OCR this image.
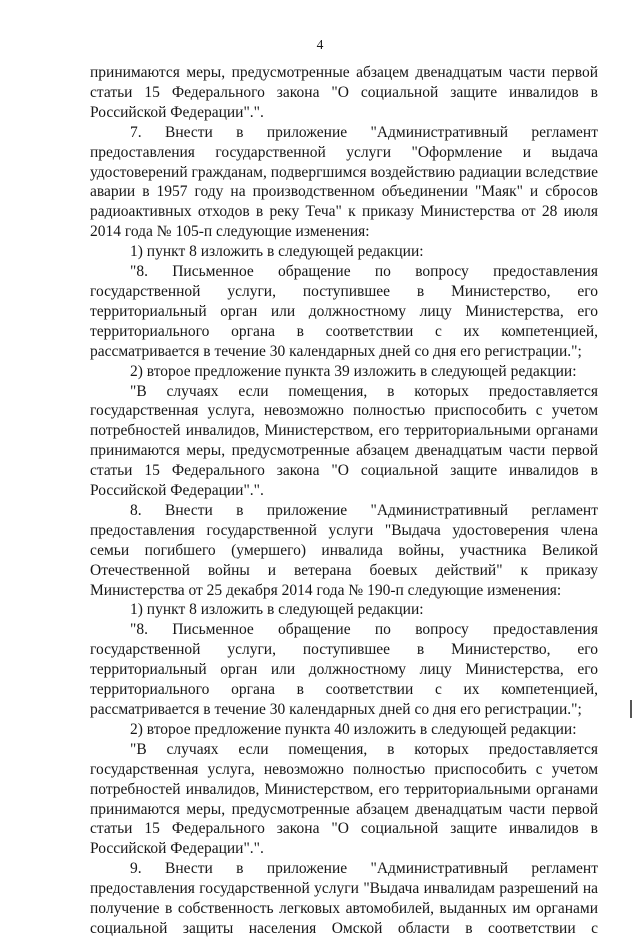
4

принимаются меры, предусмотренные абзацем двенадцатым части первой статьи 15 Федерального закона "О социальной защите инвалидов в Российской Федерации".".

7. Внести в приложение "Административный регламент предоставления государственной услуги "Оформление и выдача удостоверений гражданам, подвергшимся воздействию радиации вследствие аварии в 1957 году на производственном объединении "Маяк" и сбросов радиоактивных отходов в реку Теча" к приказу Министерства от 28 июля 2014 года № 105-п следующие изменения:

1) пункт 8 изложить в следующей редакции:

"8. Письменное обращение по вопросу предоставления государственной услуги, поступившее в Министерство, его территориальный орган или должностному лицу Министерства, его территориального органа в соответствии с их компетенцией, рассматривается в течение 30 календарных дней со дня его регистрации.";

2) второе предложение пункта 39 изложить в следующей редакции:

"В случаях если помещения, в которых предоставляется государственная услуга, невозможно полностью приспособить с учетом потребностей инвалидов, Министерством, его территориальными органами принимаются меры, предусмотренные абзацем двенадцатым части первой статьи 15 Федерального закона "О социальной защите инвалидов в Российской Федерации".".

8. Внести в приложение "Административный регламент предоставления государственной услуги "Выдача удостоверения члена семьи погибшего (умершего) инвалида войны, участника Великой Отечественной войны и ветерана боевых действий" к приказу Министерства от 25 декабря 2014 года № 190-п следующие изменения:

1) пункт 8 изложить в следующей редакции:

"8. Письменное обращение по вопросу предоставления государственной услуги, поступившее в Министерство, его территориальный орган или должностному лицу Министерства, его территориального органа в соответствии с их компетенцией, рассматривается в течение 30 календарных дней со дня его регистрации.";

2) второе предложение пункта 40 изложить в следующей редакции:

"В случаях если помещения, в которых предоставляется государственная услуга, невозможно полностью приспособить с учетом потребностей инвалидов, Министерством, его территориальными органами принимаются меры, предусмотренные абзацем двенадцатым части первой статьи 15 Федерального закона "О социальной защите инвалидов в Российской Федерации".".

9. Внести в приложение "Административный регламент предоставления государственной услуги "Выдача инвалидам разрешений на получение в собственность легковых автомобилей, выданных им органами социальной защиты населения Омской области в соответствии с
